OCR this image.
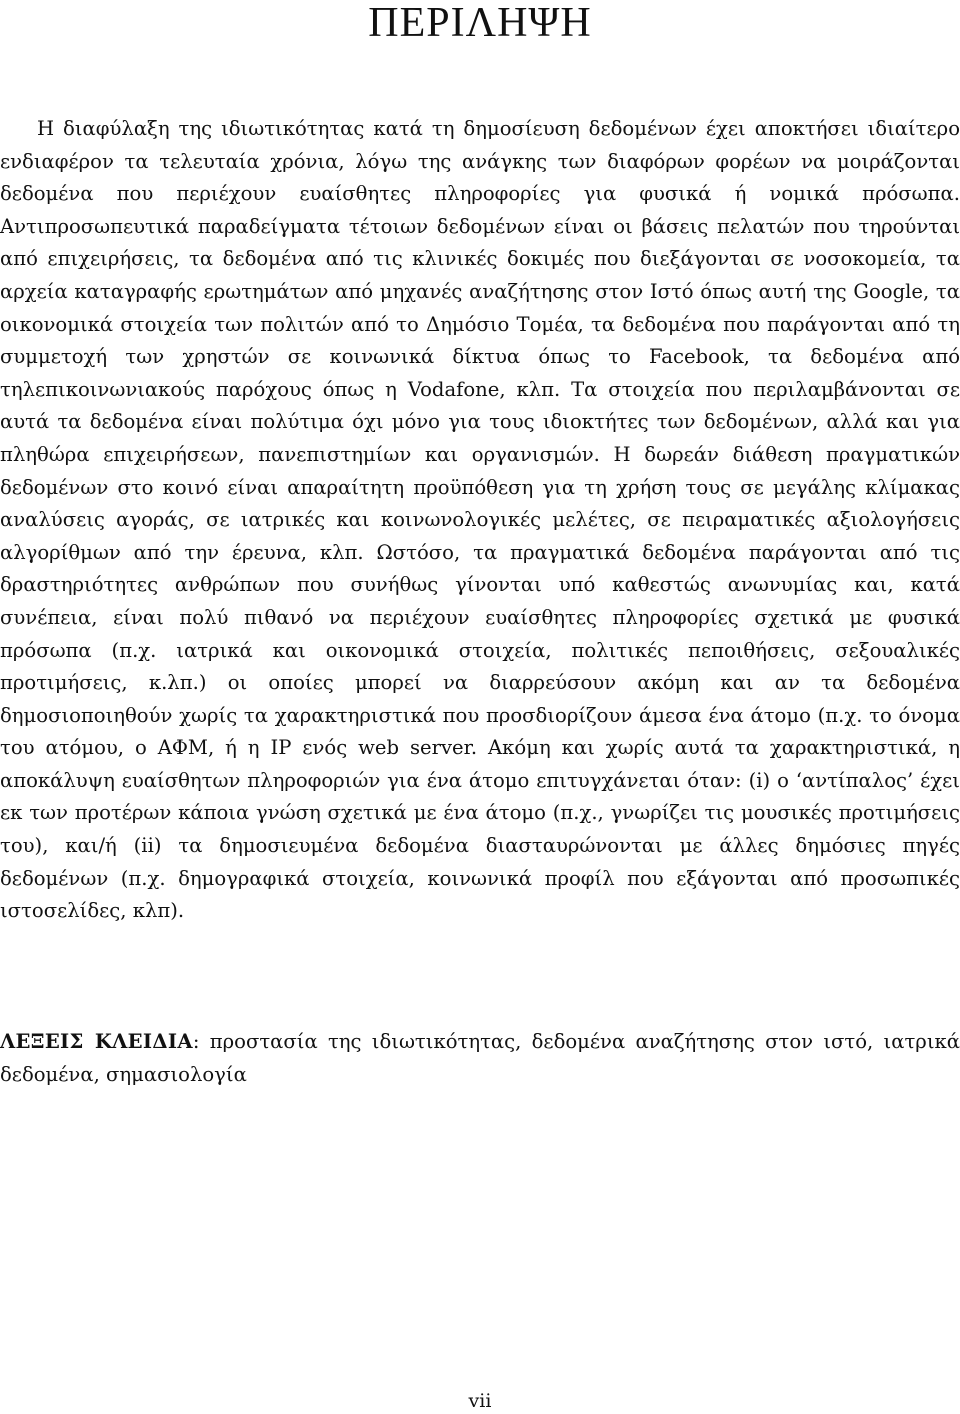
ΠΕΡΙΛΗΨΗ

Η διαφύλαξη της ιδιωτικότητας κατά τη δημοσίευση δεδομένων έχει αποκτήσει ιδιαίτερο ενδιαφέρον τα τελευταία χρόνια, λόγω της ανάγκης των διαφόρων φορέων να μοιράζονται δεδομένα που περιέχουν ευαίσθητες πληροφορίες για φυσικά ή νομικά πρόσωπα. Αντιπροσωπευτικά παραδείγματα τέτοιων δεδομένων είναι οι βάσεις πελατών που τηρούνται από επιχειρήσεις, τα δεδομένα από τις κλινικές δοκιμές που διεξάγονται σε νοσοκομεία, τα αρχεία καταγραφής ερωτημάτων από μηχανές αναζήτησης στον Ιστό όπως αυτή της Google, τα οικονομικά στοιχεία των πολιτών από το Δημόσιο Τομέα, τα δεδομένα που παράγονται από τη συμμετοχή των χρηστών σε κοινωνικά δίκτυα όπως το Facebook, τα δεδομένα από τηλεπικοινωνιακούς παρόχους όπως η Vodafone, κλπ. Τα στοιχεία που περιλαμβάνονται σε αυτά τα δεδομένα είναι πολύτιμα όχι μόνο για τους ιδιοκτήτες των δεδομένων, αλλά και για πληθώρα επιχειρήσεων, πανεπιστημίων και οργανισμών. Η δωρεάν διάθεση πραγματικών δεδομένων στο κοινό είναι απαραίτητη προϋπόθεση για τη χρήση τους σε μεγάλης κλίμακας αναλύσεις αγοράς, σε ιατρικές και κοινωνολογικές μελέτες, σε πειραματικές αξιολογήσεις αλγορίθμων από την έρευνα, κλπ. Ωστόσο, τα πραγματικά δεδομένα παράγονται από τις δραστηριότητες ανθρώπων που συνήθως γίνονται υπό καθεστώς ανωνυμίας και, κατά συνέπεια, είναι πολύ πιθανό να περιέχουν ευαίσθητες πληροφορίες σχετικά με φυσικά πρόσωπα (π.χ. ιατρικά και οικονομικά στοιχεία, πολιτικές πεποιθήσεις, σεξουαλικές προτιμήσεις, κ.λπ.) οι οποίες μπορεί να διαρρεύσουν ακόμη και αν τα δεδομένα δημοσιοποιηθούν χωρίς τα χαρακτηριστικά που προσδιορίζουν άμεσα ένα άτομο (π.χ. το όνομα του ατόμου, ο ΑΦΜ, ή η IP ενός web server. Ακόμη και χωρίς αυτά τα χαρακτηριστικά, η αποκάλυψη ευαίσθητων πληροφοριών για ένα άτομο επιτυγχάνεται όταν: (i) ο ‘αντίπαλος’ έχει εκ των προτέρων κάποια γνώση σχετικά με ένα άτομο (π.χ., γνωρίζει τις μουσικές προτιμήσεις του), και/ή (ii) τα δημοσιευμένα δεδομένα διασταυρώνονται με άλλες δημόσιες πηγές δεδομένων (π.χ. δημογραφικά στοιχεία, κοινωνικά προφίλ που εξάγονται από προσωπικές ιστοσελίδες, κλπ).

ΛΕΞΕΙΣ ΚΛΕΙΔΙΑ: προστασία της ιδιωτικότητας, δεδομένα αναζήτησης στον ιστό, ιατρικά δεδομένα, σημασιολογία

vii
